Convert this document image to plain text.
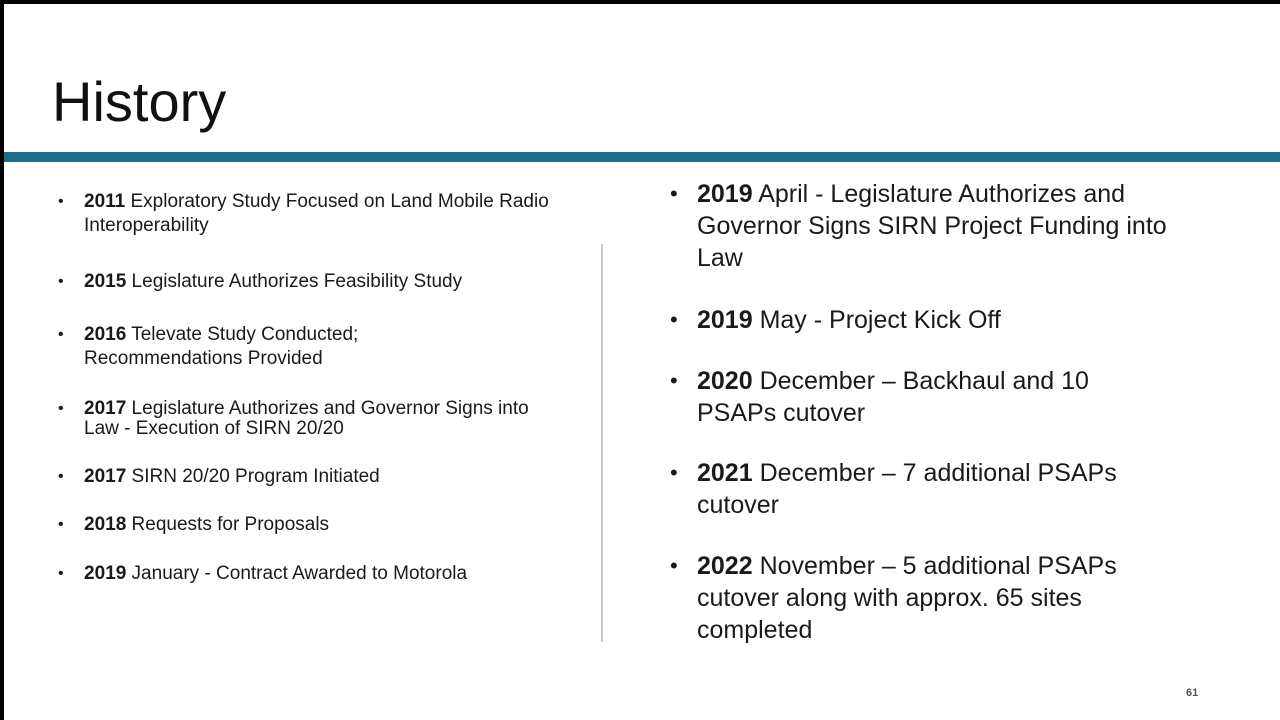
History
• 2011 Exploratory Study Focused on Land Mobile Radio Interoperability
• 2015 Legislature Authorizes Feasibility Study
• 2016 Televate Study Conducted; Recommendations Provided
• 2017 Legislature Authorizes and Governor Signs into Law - Execution of SIRN 20/20
• 2017 SIRN 20/20 Program Initiated
• 2018 Requests for Proposals
• 2019 January - Contract Awarded to Motorola
• 2019 April - Legislature Authorizes and Governor Signs SIRN Project Funding into Law
• 2019 May - Project Kick Off
• 2020 December – Backhaul and 10 PSAPs cutover
• 2021 December – 7 additional PSAPs cutover
• 2022 November – 5 additional PSAPs cutover along with approx. 65 sites completed
61
